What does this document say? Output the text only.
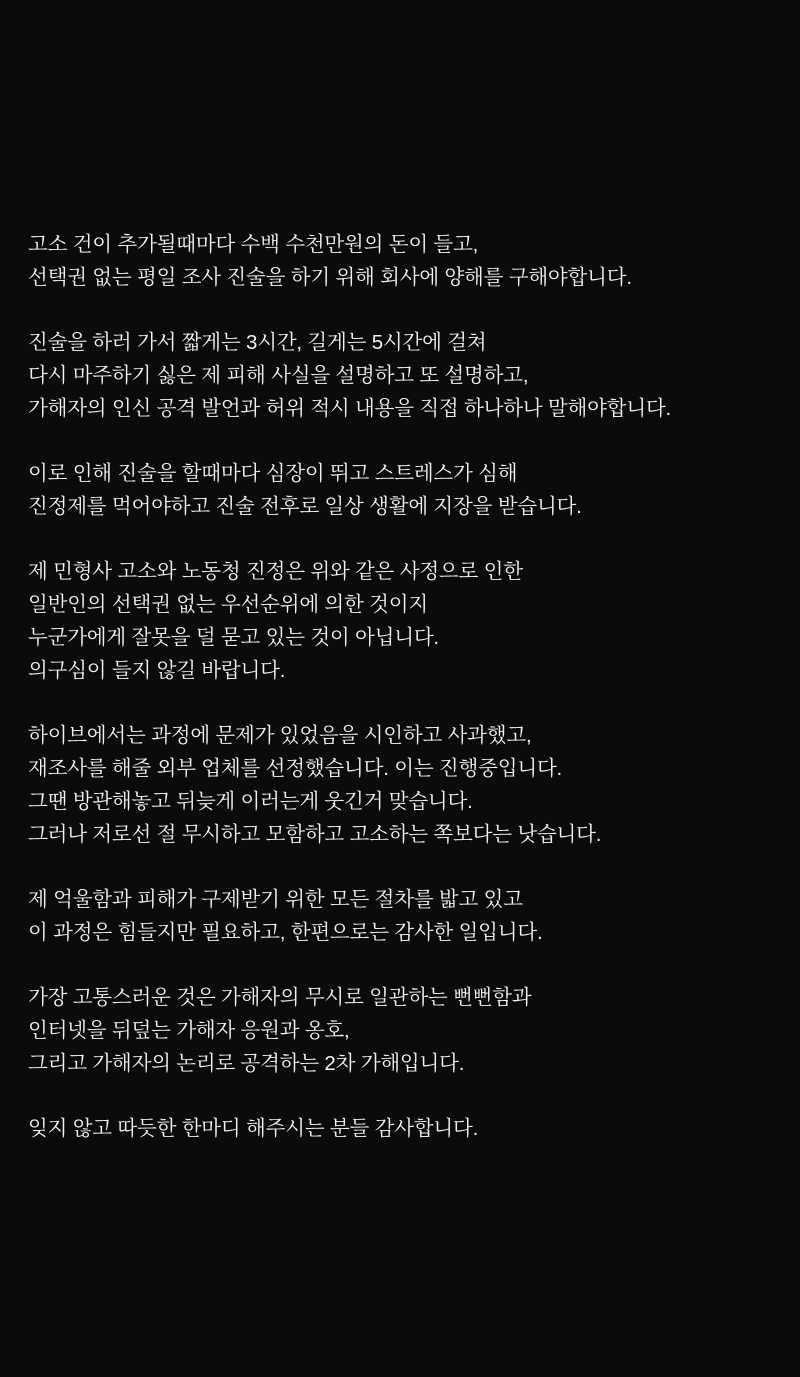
고소 건이 추가될때마다 수백 수천만원의 돈이 들고,
선택권 없는 평일 조사 진술을 하기 위해 회사에 양해를 구해야합니다.
진술을 하러 가서 짧게는 3시간, 길게는 5시간에 걸쳐
다시 마주하기 싫은 제 피해 사실을 설명하고 또 설명하고,
가해자의 인신 공격 발언과 허위 적시 내용을 직접 하나하나 말해야합니다.
이로 인해 진술을 할때마다 심장이 뛰고 스트레스가 심해
진정제를 먹어야하고 진술 전후로 일상 생활에 지장을 받습니다.
제 민형사 고소와 노동청 진정은 위와 같은 사정으로 인한
일반인의 선택권 없는 우선순위에 의한 것이지
누군가에게 잘못을 덜 묻고 있는 것이 아닙니다.
의구심이 들지 않길 바랍니다.
하이브에서는 과정에 문제가 있었음을 시인하고 사과했고,
재조사를 해줄 외부 업체를 선정했습니다. 이는 진행중입니다.
그땐 방관해놓고 뒤늦게 이러는게 웃긴거 맞습니다.
그러나 저로선 절 무시하고 모함하고 고소하는 쪽보다는 낫습니다.
제 억울함과 피해가 구제받기 위한 모든 절차를 밟고 있고
이 과정은 힘들지만 필요하고, 한편으로는 감사한 일입니다.
가장 고통스러운 것은 가해자의 무시로 일관하는 뻔뻔함과
인터넷을 뒤덮는 가해자 응원과 옹호,
그리고 가해자의 논리로 공격하는 2차 가해입니다.
잊지 않고 따듯한 한마디 해주시는 분들 감사합니다.
